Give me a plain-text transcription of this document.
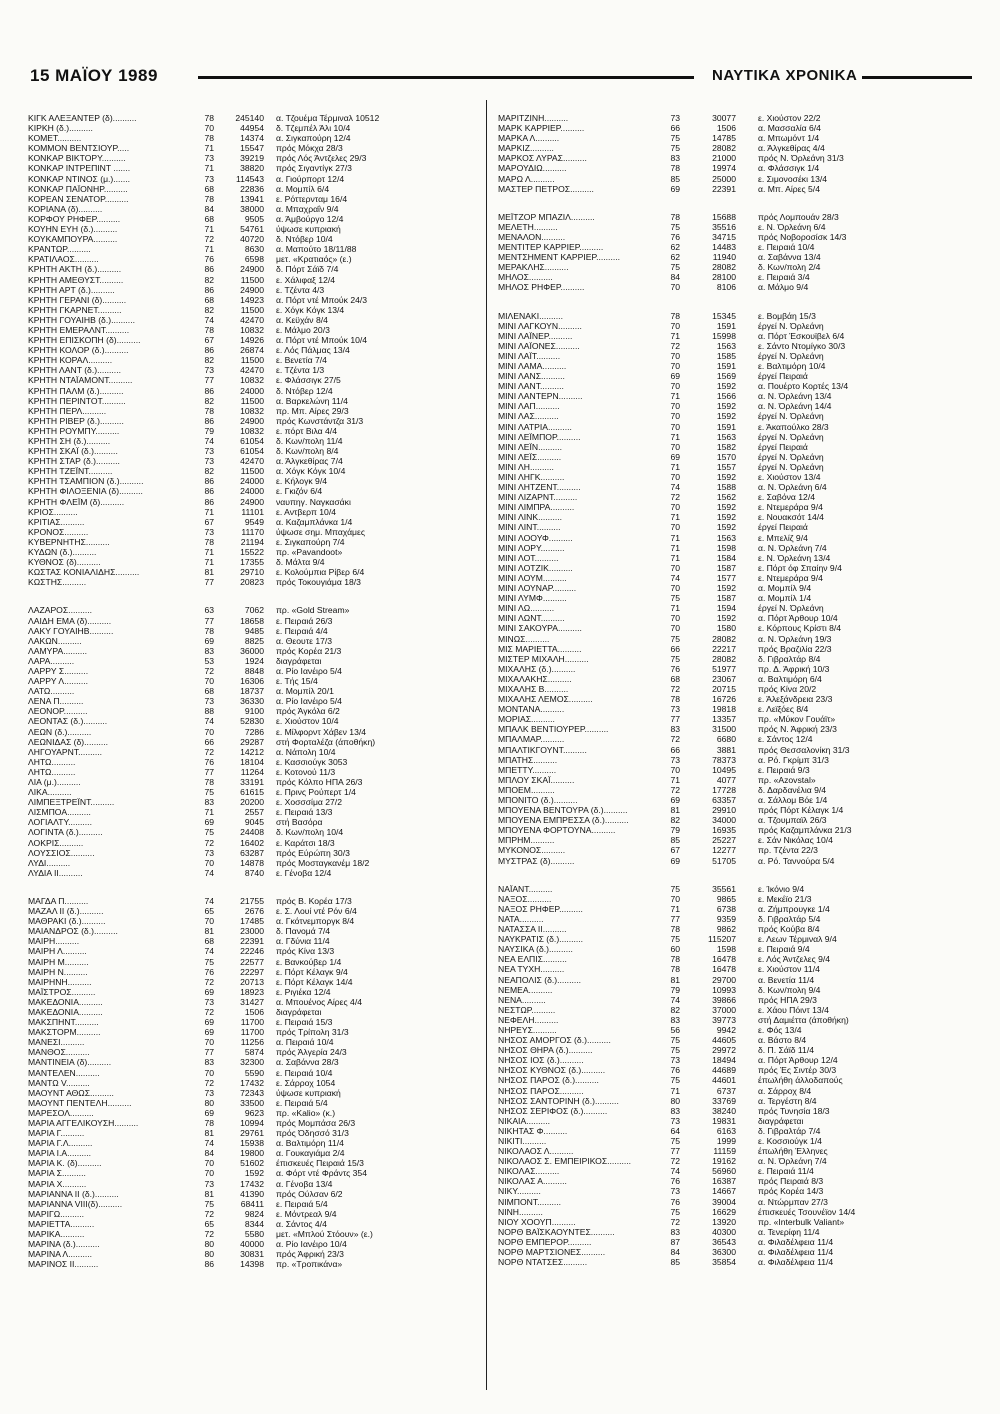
15 ΜΑΪΟΥ 1989	ΝΑΥΤΙΚΑ ΧΡΟΝΙΚΑ
ΚΙΓΚ ΑΛΕΞΑΝΤΕΡ (δ)..........	78	245140 α. Τζουέμα Τέρμιναλ 10512
ΚΙΡΚΗ (δ.)..........	70	44954 δ. Τζεμπέλ Άλι 10/4
ΚΟΜΕΤ..........	78	14374 α. Σιγκαπούρη 12/4
ΚΟΜΜΟΝ ΒΕΝΤΣΙΟΥΡ.....	71	15547 πρός Μόκχα 28/3
ΚΟΝΚΑΡ ΒΙΚΤΟΡΥ..........	73	39219 πρός Λός Άντζελες 29/3
ΚΟΝΚΑΡ ΙΝΤΡΕΠΙΝΤ .......	71	38820 πρός Σιγαντίγκ 27/3
ΚΟΝΚΑΡ ΝΤΙΝΟΣ (μ.).......	73	114543 α. Γιούρπορτ 12/4
ΚΟΝΚΑΡ ΠΑΪΟΝΗΡ..........	68	22836 α. Μομπίλ 6/4
ΚΟΡΕΑΝ ΣΕΝΑΤΟΡ..........	78	13941 ε. Ρόττερνταμ 16/4
ΚΟΡΙΑΝΑ (δ)..........	84	38000 α. Μπαχραΐν 9/4
ΚΟΡΦΟΥ ΡΗΦΕΡ..........	68	9505 α. Άμβούργο 12/4
ΚΟΥΗΝ ΕΥΗ (δ.)..........	71	54761 ύψωσε κυπριακή
ΚΟΥΚΑΜΠΟΥΡΑ..........	72	40720 δ. Ντόβερ 10/4
ΚΡΑΝΤΩΡ..........	71	8630 α. Μαπούτο 18/11/88
ΚΡΑΤΙΛΑΟΣ..........	76	6598 μετ. «Κρατιαός» (ε.)
ΚΡΗΤΗ ΑΚΤΗ (δ.)..........	86	24900 δ. Πόρτ Σάϊδ 7/4
ΚΡΗΤΗ ΑΜΕΘΥΣΤ..........	82	11500 ε. Χάλιφαξ 12/4
ΚΡΗΤΗ ΑΡΤ (δ.)..........	86	24900 ε. Τζέντα 4/3
ΚΡΗΤΗ ΓΕΡΑΝΙ (δ)..........	68	14923 α. Πόρτ ντέ Μπούκ 24/3
ΚΡΗΤΗ ΓΚΑΡΝΕΤ..........	82	11500 ε. Χόγκ Κόγκ 13/4
ΚΡΗΤΗ ΓΟΥΑΙΗΒ (δ.)..........	74	42470 α. Κεϋχάν 8/4
ΚΡΗΤΗ ΕΜΕΡΑΛΝΤ..........	78	10832 ε. Μάλμο 20/3
ΚΡΗΤΗ ΕΠΙΣΚΟΠΗ (δ)..........	67	14926 α. Πόρτ ντέ Μπούκ 10/4
ΚΡΗΤΗ ΚΟΛΟΡ (δ.)..........	86	26874 ε. Λός Πάλμας 13/4
ΚΡΗΤΗ ΚΟΡΑΛ..........	82	11500 ε. Βενετία 7/4
ΚΡΗΤΗ ΛΑΝΤ (δ.)..........	73	42470 ε. Τζέντα 1/3
ΚΡΗΤΗ ΝΤΑΪΑΜΟΝΤ..........	77	10832 ε. Φλάσσιγκ 27/5
ΚΡΗΤΗ ΠΑΛΜ (δ.)..........	86	24000 δ. Ντόβερ 12/4
ΚΡΗΤΗ ΠΕΡΙΝΤΟΤ..........	82	11500 α. Βαρκελώνη 11/4
ΚΡΗΤΗ ΠΕΡΛ..........	78	10832 πρ. Μπ. Αίρες 29/3
ΚΡΗΤΗ ΡΙΒΕΡ (δ.)..........	86	24900 πρός Κωνστάντζα 31/3
ΚΡΗΤΗ ΡΟΥΜΠΥ..........	79	10832 ε. πόρτ Βιλα 4/4
ΚΡΗΤΗ ΣΗ (δ.)..........	74	61054 δ. Κων/πολη 11/4
ΚΡΗΤΗ ΣΚΑΪ (δ.)..........	73	61054 δ. Κων/πολη 8/4
ΚΡΗΤΗ ΣΤΑΡ (δ.)..........	73	42470 α. Άλγκεθίρας 7/4
ΚΡΗΤΗ ΤΖΕΪΝΤ..........	82	11500 α. Χόγκ Κόγκ 10/4
ΚΡΗΤΗ ΤΣΑΜΠΙΟΝ (δ.)..........	86	24000 ε. Κήλογκ 9/4
ΚΡΗΤΗ ΦΙΛΟΞΕΝΙΑ (δ)..........	86	24000 ε. Γκιζόν 6/4
ΚΡΗΤΗ ΦΛΕΪΜ (δ)..........	86	24900 ναυπηγ. Ναγκασάκι
ΚΡΙΟΣ..........	71	11101 ε. Αντβερπ 10/4
ΚΡΙΤΙΑΣ..........	67	9549 α. Καζαμπλάνκα 1/4
ΚΡΟΝΟΣ..........	73	11170 ύψωσε σημ. Μπαχάμες
ΚΥΒΕΡΝΗΤΗΣ..........	78	21194 ε. Σιγκαπούρη 7/4
ΚΥΔΩΝ (δ.)..........	71	15522 πρ. «Pavandoot»
ΚΥΘΝΟΣ (δ)..........	71	17355 δ. Μάλτα 9/4
ΚΩΣΤΑΣ ΚΟΝΙΑΛΙΔΗΣ..........	81	29710 ε. Κολούμπια Ρίβερ 6/4
ΚΩΣΤΗΣ..........	77	20823 πρός Τοκουγιάμα 18/3
ΛΑΖΑΡΟΣ..........	63	7062 πρ. «Gold Stream»
ΛΑΙΔΗ ΕΜΑ (δ)..........	77	18658 ε. Πειραιά 26/3
ΛΑΚΥ ΓΟΥΑΙΗΒ..........	78	9485 ε. Πειραιά 4/4
ΛΑΚΩΝ..........	69	8825 α. Θεουτε 17/3
ΛΑΜΥΡΑ..........	83	36000 πρός Κορέα 21/3
ΛΑΡΑ..........	53	1924 διαγράφεται
ΛΑΡΡΥ Σ..........	72	8848 α. Ρίο Ιανέιρο 5/4
ΛΑΡΡΥ Λ..........	70	16306 ε. Τής 15/4
ΛΑΤΩ..........	68	18737 α. Μομπίλ 20/1
ΛΕΝΑ Π..........	73	36330 α. Ρίο Ιανέιρο 5/4
ΛΕΟΝΟΡ..........	88	9100 πρός Άγκόλα 6/2
ΛΕΟΝΤΑΣ (δ.)..........	74	52830 ε. Χιούστον 10/4
ΛΕΩΝ (δ.)..........	70	7286 ε. Μίλφορντ Χάβεν 13/4
ΛΕΩΝΙΔΑΣ (δ)..........	66	29287 στή Φορταλέζα (άποθήκη)
ΛΗΓΟΥΑΡΝΤ..........	72	14212 α. Νάπολη 10/4
ΛΗΤΩ..........	76	18104 ε. Κασσιούγκ 3053
ΛΗΤΩ..........	77	11264 ε. Κοτονού 11/3
ΛΙΑ (μ.)..........	78	33191 πρός Κόλπο ΗΠΑ 26/3
ΛΙΚΑ..........	75	61615 ε. Πρινς Ρούπερτ 1/4
ΛΙΜΠΕΞΤΡΕΪΝΤ..........	83	20200 ε. Χοσσσίμα 27/2
ΛΙΣΜΠΟΑ..........	71	2557 ε. Πειραιά 13/3
ΛΟΓΙΑΛΤΥ..........	69	9045 στή Βασόρα
ΛΟΓΙΝΤΑ (δ.)..........	75	24408 δ. Κων/πολη 10/4
ΛΟΚΡΙΣ..........	72	16402 ε. Καράτσι 18/3
ΛΟΥΣΣΙΟΣ..........	73	63287 πρός Εύρώπη 30/3
ΛΥΔΙ..........	70	14878 πρός Μοσταγκανέμ 18/2
ΛΥΔΙΑ ΙΙ..........	74	8740 ε. Γένοβα 12/4
ΜΑΓΔΑ Π..........	74	21755 πρός Β. Κορέα 17/3
ΜΑΖΑΛ ΙΙ (δ.)..........	65	2676 ε. Σ. Λουί ντέ Ρόν 6/4
ΜΑΘΡΑΚΙ (δ.)..........	70	17485 α. Γκότνεμποργκ 8/4
ΜΑΙΑΝΔΡΟΣ (δ.)..........	81	23000 δ. Πανομά 7/4
ΜΑΙΡΗ..........	68	22391 α. Γδύνια 11/4
ΜΑΙΡΗ Λ..........	74	22246 πρός Κίνα 13/3
ΜΑΙΡΗ Μ..........	75	22577 ε. Βανκούβερ 1/4
ΜΑΙΡΗ Ν..........	76	22297 ε. Πόρτ Κέλαγκ 9/4
ΜΑΙΡΗΝΗ..........	72	20713 ε. Πόρτ Κέλαγκ 14/4
ΜΑΪΣΤΡΟΣ..........	69	18923 ε. Ριγιέκα 12/4
ΜΑΚΕΔΟΝΙΑ..........	73	31427 α. Μπουένος Αίρες 4/4
ΜΑΚΕΔΟΝΙΑ..........	72	1506 διαγράφεται
ΜΑΚΣΠΗΝΤ..........	69	11700 ε. Πειραιά 15/3
ΜΑΚΣΤΟΡΜ..........	69	11700 πρός Τρίπολη 31/3
ΜΑΝΕΣΙ..........	70	11256 α. Πειραιά 10/4
ΜΑΝΘΟΣ..........	77	5874 πρός Άλγερία 24/3
ΜΑΝΤΙΝΕΙΑ (δ)..........	83	32300 α. Σαβάννα 28/3
ΜΑΝΤΕΛΕΝ..........	70	5590 ε. Πειραιά 10/4
ΜΑΝΤΩ V..........	72	17432 ε. Σάρροχ 1054
ΜΑΟΥΝΤ ΑΘΩΣ..........	73	72343 ύψωσε κυπριακή
ΜΑΟΥΝΤ ΠΕΝΤΕΛΗ..........	80	33500 ε. Πειραιά 5/4
ΜΑΡΕΣΟΛ..........	69	9623 πρ. «Kalio» (κ.)
ΜΑΡΙΑ ΑΓΓΕΛΙΚΟΥΣΗ..........	78	10994 πρός Μομπάσα 26/3
ΜΑΡΙΑ Γ..........	81	29761 πρός Όδησσό 31/3
ΜΑΡΙΑ Γ.Λ..........	74	15938 α. Βαλτιμόρη 11/4
ΜΑΡΙΑ Ι.Α..........	84	19800 α. Γουκαγιάμα 2/4
ΜΑΡΙΑ Κ. (δ)..........	70	51602 έπισκευές Πειραιά 15/3
ΜΑΡΙΑ Σ..........	70	1592 α. Φόρτ ντέ Φράντς 354
ΜΑΡΙΑ Χ..........	73	17432 α. Γένοβα 13/4
ΜΑΡΙΑΝΝΑ ΙΙ (δ.)..........	81	41390 πρός Ούλσαν 6/2
ΜΑΡΙΑΝΝΑ VIII(δ)..........	75	68411 ε. Πειραιά 5/4
ΜΑΡΙΓΩ..........	72	9824 ε. Μόντρεαλ 9/4
ΜΑΡΙΕΤΤΑ..........	65	8344 α. Σάντος 4/4
ΜΑΡΙΚΑ..........	72	5580 μετ. «Μπλού Στόουν» (ε.)
ΜΑΡΙΝΑ (δ.)..........	80	40000 α. Ρίο Ιανέιρο 10/4
ΜΑΡΙΝΑ Λ..........	80	30831 πρός Άφρική 23/3
ΜΑΡΙΝΟΣ ΙΙ..........	86	14398 πρ. «Τροπικάνα»
ΜΑΡΙΤΖΙΝΗ..........	73	30077	ε. Χιούστον 22/2
ΜΑΡΚ ΚΑΡΡΙΕΡ..........	66	1506	α. Μασσαλία 6/4
ΜΑΡΚΑ Λ..........	75	14785	α. Μπωμόντ 1/4
ΜΑΡΚΙΖ..........	75	28082	α. Άλγκεθίρας 4/4
ΜΑΡΚΟΣ ΛΥΡΑΣ..........	83	21000	πρός Ν. Όρλεάνη 31/3
ΜΑΡΟΥΔΙΩ..........	78	19974	α. Φλάσσιγκ 1/4
ΜΑΡΩ Λ..........	85	25000	ε. Σιμονοσέκι 13/4
ΜΑΣΤΕΡ ΠΕΤΡΟΣ..........	69	22391	α. Μπ. Αίρες 5/4
ΜΕΪΤΖΟΡ ΜΠΑΖΙΛ..........	78	15688	πρός Λομπουάν 28/3
ΜΕΛΕΤΗ..........	75	35516	ε. Ν. Όρλεάνη 6/4
ΜΕΝΑΛΟΝ..........	76	34715	πρός Νοβοροσίσκ 14/3
ΜΕΝΤΙΤΕΡ ΚΑΡΡΙΕΡ..........	62	14483	ε. Πειραιά 10/4
ΜΕΝΤΣΗΜΕΝΤ ΚΑΡΡΙΕΡ..........	62	11940	α. Σαβάννα 13/4
ΜΕΡΑΚΛΗΣ..........	75	28082	δ. Κων/πολη 2/4
ΜΗΛΟΣ..........	84	28100	ε. Πειραιά 3/4
ΜΗΛΟΣ ΡΗΦΕΡ..........	70	8106	α. Μάλμο 9/4
ΜΙΛΕΝΑΚΙ..........	78	15345	ε. Βομβάη 15/3
ΜΙΝΙ ΛΑΓΚΟΥΝ..........	70	1591	έργεί Ν. Όρλεάνη
ΜΙΝΙ ΛΑΪΝΕΡ..........	71	15998	α. Πόρτ Έσκουϊβελ 6/4
ΜΙΝΙ ΛΑΪΟΝΕΣ..........	72	1563	ε. Σάντο Ντομίγκο 30/3
ΜΙΝΙ ΛΑΪΤ..........	70	1585	έργεί Ν. Όρλεάνη
ΜΙΝΙ ΛΑΜΑ..........	70	1591	ε. Βαλτιμόρη 10/4
ΜΙΝΙ ΛΑΝΣ..........	69	1569	έργεί Πειραιά
ΜΙΝΙ ΛΑΝΤ..........	70	1592	α. Πουέρτο Κορτές 13/4
ΜΙΝΙ ΛΑΝΤΕΡΝ..........	71	1566	α. Ν. Όρλεάνη 13/4
ΜΙΝΙ ΛΑΠ..........	70	1592	α. Ν. Όρλεάνη 14/4
ΜΙΝΙ ΛΑΣ..........	70	1592	έργεί Ν. Όρλεάνη
ΜΙΝΙ ΛΑΤΡΙΑ..........	70	1591	ε. Άκαπούλκο 28/3
ΜΙΝΙ ΛΕΪΜΠΟΡ..........	71	1563	έργεί Ν. Όρλεάνη
ΜΙΝΙ ΛΕΪΝ..........	70	1582	έργεί Πειραιά
ΜΙΝΙ ΛΕΪΣ..........	69	1570	έργεί Ν. Όρλεάνη
ΜΙΝΙ ΛΗ..........	71	1557	έργεί Ν. Όρλεάνη
ΜΙΝΙ ΛΗΓΚ..........	70	1592	ε. Χιούστον 13/4
ΜΙΝΙ ΛΗΤΖΕΝΤ..........	74	1588	α. Ν. Όρλεάνη 6/4
ΜΙΝΙ ΛΙΖΑΡΝΤ..........	72	1562	ε. Σαβόνα 12/4
ΜΙΝΙ ΛΙΜΠΡΑ..........	70	1592	ε. Ντεμεράρα 9/4
ΜΙΝΙ ΛΙΝΚ..........	71	1592	ε. Νουακσότ 14/4
ΜΙΝΙ ΛΙΝΤ..........	70	1592	έργεί Πειραιά
ΜΙΝΙ ΛΟΟΥΦ..........	71	1563	ε. Μπελίζ 9/4
ΜΙΝΙ ΛΟΡΥ..........	71	1598	α. Ν. Όρλεάνη 7/4
ΜΙΝΙ ΛΟΤ..........	71	1584	ε. Ν. Όρλεάνη 13/4
ΜΙΝΙ ΛΟΤΖΙΚ..........	70	1587	ε. Πόρτ όφ Σπαίην 9/4
ΜΙΝΙ ΛΟΥΜ..........	74	1577	ε. Ντεμεράρα 9/4
ΜΙΝΙ ΛΟΥΝΑΡ..........	70	1592	α. Μομπίλ 9/4
ΜΙΝΙ ΛΥΜΦ..........	75	1587	α. Μομπίλ 1/4
ΜΙΝΙ ΛΩ..........	71	1594	έργεί Ν. Όρλεάνη
ΜΙΝΙ ΛΩΝΤ..........	70	1592	α. Πόρτ Άρθουρ 10/4
ΜΙΝΙ ΣΑΚΟΥΡΑ..........	70	1580	ε. Κόρπους Κρίστι 8/4
ΜΙΝΩΣ..........	75	28082	α. Ν. Όρλεάνη 19/3
ΜΙΣ ΜΑΡΙΕΤΤΑ..........	66	22217	πρός Βραζιλία 22/3
ΜΙΣΤΕΡ ΜΙΧΑΛΗ..........	75	28082	δ. Γιβραλτάρ 8/4
ΜΙΧΑΛΗΣ (δ.)..........	76	51977	πρ. Δ. Άφρική 10/3
ΜΙΧΑΛΑΚΗΣ..........	68	23067	α. Βαλτιμόρη 6/4
ΜΙΧΑΛΗΣ Β..........	72	20715	πρός Κίνα 20/2
ΜΙΧΑΛΗΣ ΛΕΜΟΣ..........	78	16726	ε. Άλεξάνδρεια 23/3
ΜΟΝΤΑΝΑ..........	73	19818	ε. Λεϊξόες 8/4
ΜΟΡΙΑΣ..........	77	13357	πρ. «Μύκον Γουάϊτ»
ΜΠΑΛΚ ΒΕΝΤΙΟΥΡΕΡ..........	83	31500	πρός Ν. Άφρική 23/3
ΜΠΑΛΜΑΡ..........	72	6680	ε. Σάντος 12/4
ΜΠΑΛΤΙΚΓΟΥΝΤ..........	66	3881	πρός Θεσσαλονίκη 31/3
ΜΠΑΤΗΣ..........	73	78373	α. Ρό. Γκρίμπ 31/3
ΜΠΕΤΤΥ..........	70	10495	ε. Πειραιά 9/3
ΜΠΛΟΥ ΣΚΑΪ..........	71	4077	πρ. «Azovstal»
ΜΠΟΕΜ..........	72	17728	δ. Δαρδανέλια 9/4
ΜΠΟΝΙΤΟ (δ.)..........	69	63357	α. Σάλλομ Βόε 1/4
ΜΠΟΥΕΝΑ ΒΕΝΤΟΥΡΑ (δ.)..........	81	29910	πρός Πόρτ Κέλαγκ 1/4
ΜΠΟΥΕΝΑ ΕΜΠΡΕΣΣΑ (δ.)..........	82	34000	α. Τζουμπαϊλ 26/3
ΜΠΟΥΕΝΑ ΦΟΡΤΟΥΝΑ..........	79	16935	πρός Καζαμπλάνκα 21/3
ΜΠΡΗΜ..........	85	25227	ε. Σάν Νικόλας 10/4
ΜΥΚΟΝΟΣ..........	67	12277	πρ. Τζέντα 22/3
ΜΥΣΤΡΑΣ (δ)..........	69	51705	α. Ρό. Ταννούρα 5/4
ΝΑΪΑΝΤ..........	75	35561	ε. Ίκόνιο 9/4
ΝΑΞΟΣ..........	70	9865	ε. Μεκέϊο 21/3
ΝΑΞΟΣ ΡΗΦΕΡ..........	71	6738	α. Ζήμπρουγκε 1/4
ΝΑΤΑ..........	77	9359	δ. Γιβραλτάρ 5/4
ΝΑΤΑΣΣΑ ΙΙ..........	78	9862	πρός Κούβα 8/4
ΝΑΥΚΡΑΤΙΣ (δ.)..........	75	115207	ε. Λεων Τέρμιναλ 9/4
ΝΑΥΣΙΚΑ (δ.)..........	60	1598	ε. Πειραιά 9/4
ΝΕΑ ΕΛΠΙΣ..........	78	16478	ε. Λός Άντζελες 9/4
ΝΕΑ ΤΥΧΗ..........	78	16478	ε. Χιούστον 11/4
ΝΕΑΠΟΛΙΣ (δ.)..........	81	29700	α. Βενετία 11/4
ΝΕΜΕΑ..........	79	10993	δ. Κων/πολη 9/4
ΝΕΝΑ..........	74	39866	πρός ΗΠΑ 29/3
ΝΕΣΤΩΡ..........	82	37000	ε. Χάου Πόιντ 13/4
ΝΕΦΕΛΗ..........	83	39773	στή Δαμιέττα (άποθήκη)
ΝΗΡΕΥΣ..........	56	9942	ε. Φός 13/4
ΝΗΣΟΣ ΑΜΟΡΓΟΣ (δ.)..........	75	44605	α. Βάστο 8/4
ΝΗΣΟΣ ΘΗΡΑ (δ.)..........	75	29972	δ. Π. Σάϊδ 11/4
ΝΗΣΟΣ ΙΟΣ (δ.)..........	73	18494	α. Πόρτ Άρθουρ 12/4
ΝΗΣΟΣ ΚΥΘΝΟΣ (δ.)..........	76	44689	πρός Ές Σιντέρ 30/3
ΝΗΣΟΣ ΠΑΡΟΣ (δ.)..........	75	44601	έπωλήθη άλλοδαπούς
ΝΗΣΟΣ ΠΑΡΟΣ..........	71	6737	α. Σάρροχ 8/4
ΝΗΣΟΣ ΣΑΝΤΟΡΙΝΗ (δ.)..........	80	33769	α. Τεργέστη 8/4
ΝΗΣΟΣ ΣΕΡΙΦΟΣ (δ.)..........	83	38240	πρός Τυνησία 18/3
ΝΙΚΑΙΑ..........	73	19831	διαγράφεται
ΝΙΚΗΤΑΣ Φ..........	64	6163	δ. Γιβραλτάρ 7/4
ΝΙΚΙΤΙ..........	75	1999	ε. Κοσσιούγκ 1/4
ΝΙΚΟΛΑΟΣ Λ..........	77	11159	έπωλήθη Έλληνες
ΝΙΚΟΛΑΟΣ Σ. ΕΜΠΕΙΡΙΚΟΣ..........	72	19162	α. Ν. Όρλεάνη 7/4
ΝΙΚΟΛΑΣ..........	74	56960	ε. Πειραιά 11/4
ΝΙΚΟΛΑΣ Α..........	76	16387	πρός Πειραιά 8/3
ΝΙΚΥ..........	73	14667	πρός Κορέα 14/3
ΝΙΜΠΟΝΤ..........	76	39004	α. Ντώρμπαν 27/3
ΝΙΝΗ..........	75	16629	έπισκευές Τσουνέϊον 14/4
ΝΙΟΥ ΧΟΟΥΠ..........	72	13920	πρ. «Interbulk Valiant»
ΝΟΡΘ ΒΑΪΣΚΑΟΥΝΤΕΣ..........	83	40300	α. Τενερίφη 11/4
ΝΟΡΘ ΕΜΠΕΡΟΡ..........	87	36543	α. Φιλαδέλφεια 11/4
ΝΟΡΘ ΜΑΡΤΣΙΟΝΕΣ..........	84	36300	α. Φιλαδέλφεια 11/4
ΝΟΡΘ ΝΤΑΤΣΕΣ..........	85	35854	α. Φιλαδέλφεια 11/4
